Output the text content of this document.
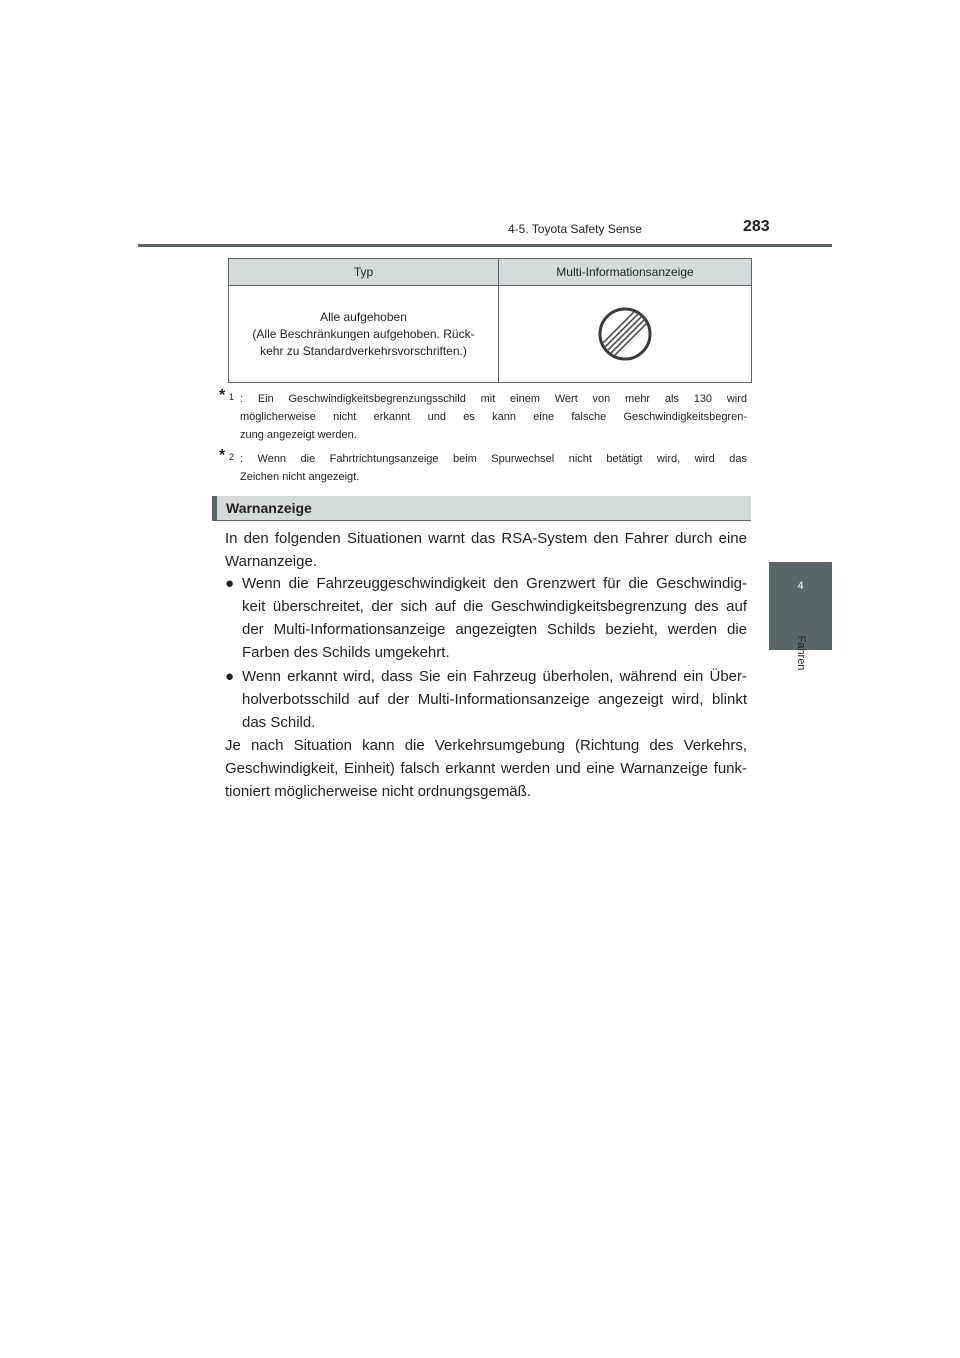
4-5. Toyota Safety Sense	283
4
Fahren
Typ	Multi-Informationsanzeige

Alle aufgehoben
(Alle Beschränkungen aufgehoben. Rück-
kehr zu Standardverkehrsvorschriften.)

* 1 : Ein Geschwindigkeitsbegrenzungsschild mit einem Wert von mehr als 130 wird
möglicherweise nicht erkannt und es kann eine falsche Geschwindigkeitsbegren-
zung angezeigt werden.
* 2 : Wenn die Fahrtrichtungsanzeige beim Spurwechsel nicht betätigt wird, wird das
Zeichen nicht angezeigt.
Warnanzeige
In den folgenden Situationen warnt das RSA-System den Fahrer durch eine
Warnanzeige.
● Wenn die Fahrzeuggeschwindigkeit den Grenzwert für die Geschwindig-
keit überschreitet, der sich auf die Geschwindigkeitsbegrenzung des auf
der Multi-Informationsanzeige angezeigten Schilds bezieht, werden die
Farben des Schilds umgekehrt.
● Wenn erkannt wird, dass Sie ein Fahrzeug überholen, während ein Über-
holverbotsschild auf der Multi-Informationsanzeige angezeigt wird, blinkt
das Schild.
Je nach Situation kann die Verkehrsumgebung (Richtung des Verkehrs,
Geschwindigkeit, Einheit) falsch erkannt werden und eine Warnanzeige funk-
tioniert möglicherweise nicht ordnungsgemäß.
